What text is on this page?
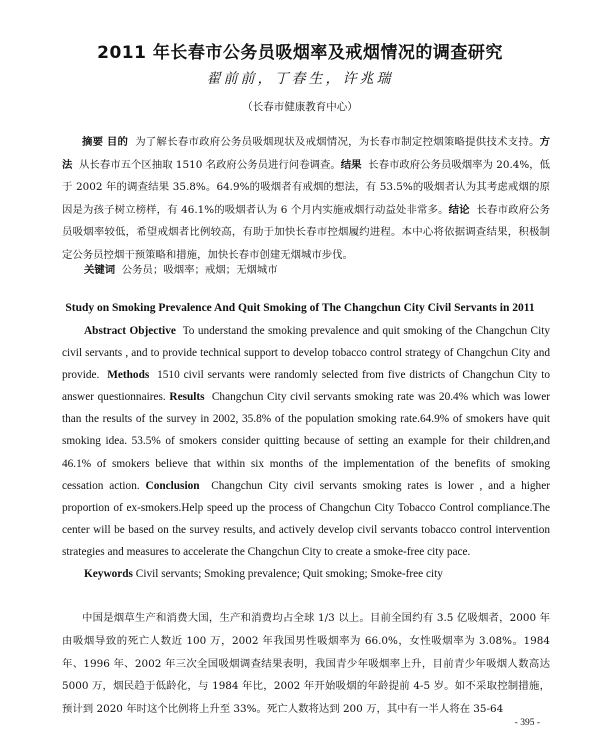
2011 年长春市公务员吸烟率及戒烟情况的调查研究
翟前前，丁春生，许兆瑞
（长春市健康教育中心）
摘要 目的 为了解长春市政府公务员吸烟现状及戒烟情况，为长春市制定控烟策略提供技术支持。方法 从长春市五个区抽取 1510 名政府公务员进行问卷调查。结果 长春市政府公务员吸烟率为 20.4%，低于 2002 年的调查结果 35.8%。64.9%的吸烟者有戒烟的想法，有 53.5%的吸烟者认为其考虑戒烟的原因是为孩子树立榜样，有 46.1%的吸烟者认为 6 个月内实施戒烟行动益处非常多。结论 长春市政府公务员吸烟率较低，希望戒烟者比例较高，有助于加快长春市控烟履约进程。本中心将依据调查结果，积极制定公务员控烟干预策略和措施，加快长春市创建无烟城市步伐。
关键词 公务员；吸烟率；戒烟；无烟城市
Study on Smoking Prevalence And Quit Smoking of The Changchun City Civil Servants in 2011
Abstract Objective To understand the smoking prevalence and quit smoking of the Changchun City civil servants , and to provide technical support to develop tobacco control strategy of Changchun City and provide. Methods 1510 civil servants were randomly selected from five districts of Changchun City to answer questionnaires. Results Changchun City civil servants smoking rate was 20.4% which was lower than the results of the survey in 2002, 35.8% of the population smoking rate.64.9% of smokers have quit smoking idea. 53.5% of smokers consider quitting because of setting an example for their children,and 46.1% of smokers believe that within six months of the implementation of the benefits of smoking cessation action. Conclusion Changchun City civil servants smoking rates is lower , and a higher proportion of ex-smokers.Help speed up the process of Changchun City Tobacco Control compliance.The center will be based on the survey results, and actively develop civil servants tobacco control intervention strategies and measures to accelerate the Changchun City to create a smoke-free city pace.
Keywords Civil servants; Smoking prevalence; Quit smoking; Smoke-free city
中国是烟草生产和消费大国，生产和消费均占全球 1/3 以上。目前全国约有 3.5 亿吸烟者，2000 年由吸烟导致的死亡人数近 100 万，2002 年我国男性吸烟率为 66.0%，女性吸烟率为 3.08%。1984 年、1996 年、2002 年三次全国吸烟调查结果表明，我国青少年吸烟率上升，目前青少年吸烟人数高达 5000 万，烟民趋于低龄化，与 1984 年比，2002 年开始吸烟的年龄提前 4-5 岁。如不采取控制措施，预计到 2020 年时这个比例将上升至 33%。死亡人数将达到 200 万，其中有一半人将在 35-64
- 395 -
